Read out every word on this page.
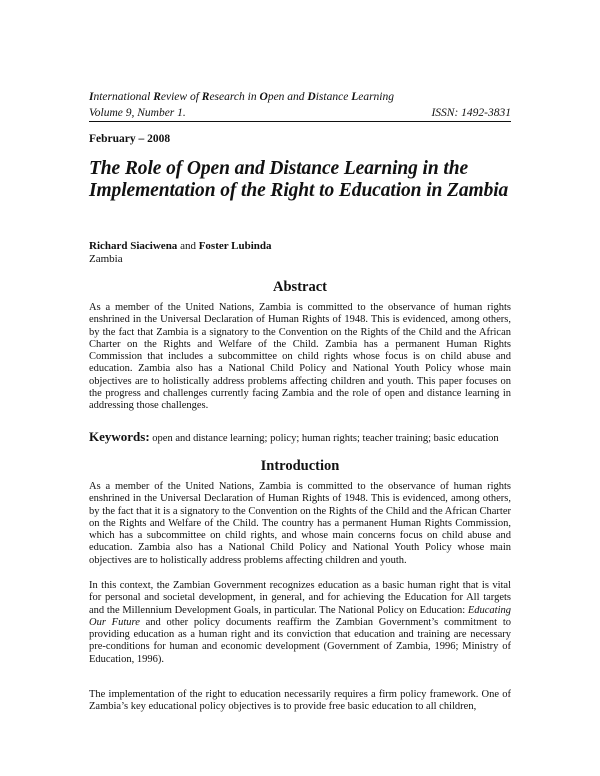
International Review of Research in Open and Distance Learning
Volume 9, Number 1.	ISSN: 1492-3831
February – 2008
The Role of Open and Distance Learning in the Implementation of the Right to Education in Zambia
Richard Siaciwena and Foster Lubinda
Zambia
Abstract

As a member of the United Nations, Zambia is committed to the observance of human rights enshrined in the Universal Declaration of Human Rights of 1948. This is evidenced, among others, by the fact that Zambia is a signatory to the Convention on the Rights of the Child and the African Charter on the Rights and Welfare of the Child. Zambia has a permanent Human Rights Commission that includes a subcommittee on child rights whose focus is on child abuse and education. Zambia also has a National Child Policy and National Youth Policy whose main objectives are to holistically address problems affecting children and youth. This paper focuses on the progress and challenges currently facing Zambia and the role of open and distance learning in addressing those challenges.

Keywords: open and distance learning; policy; human rights; teacher training; basic education
Introduction

As a member of the United Nations, Zambia is committed to the observance of human rights enshrined in the Universal Declaration of Human Rights of 1948. This is evidenced, among others, by the fact that it is a signatory to the Convention on the Rights of the Child and the African Charter on the Rights and Welfare of the Child. The country has a permanent Human Rights Commission, which has a subcommittee on child rights, and whose main concerns focus on child abuse and education. Zambia also has a National Child Policy and National Youth Policy whose main objectives are to holistically address problems affecting children and youth.

In this context, the Zambian Government recognizes education as a basic human right that is vital for personal and societal development, in general, and for achieving the Education for All targets and the Millennium Development Goals, in particular. The National Policy on Education: Educating Our Future and other policy documents reaffirm the Zambian Government’s commitment to providing education as a human right and its conviction that education and training are necessary pre-conditions for human and economic development (Government of Zambia, 1996; Ministry of Education, 1996).

The implementation of the right to education necessarily requires a firm policy framework. One of Zambia’s key educational policy objectives is to provide free basic education to all children,
